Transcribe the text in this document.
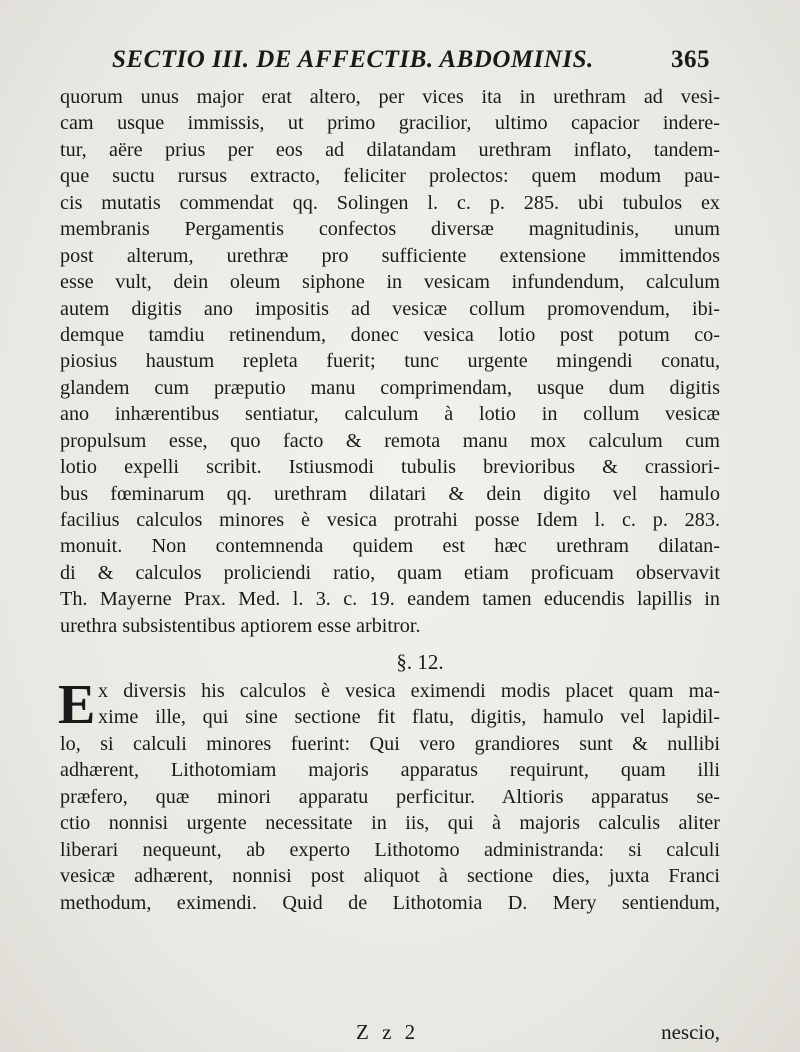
SECTIO III. DE AFFECTIB. ABDOMINIS.	365
quorum unus major erat altero, per vices ita in urethram ad vesi-
cam usque immissis, ut primo gracilior, ultimo capacior indere-
tur, aëre prius per eos ad dilatandam urethram inflato, tandem-
que suctu rursus extracto, feliciter prolectos: quem modum pau-
cis mutatis commendat qq. Solingen l. c. p. 285. ubi tubulos ex
membranis Pergamentis confectos diversæ magnitudinis, unum
post alterum, urethræ pro sufficiente extensione immittendos
esse vult, dein oleum siphone in vesicam infundendum, calculum
autem digitis ano impositis ad vesicæ collum promovendum, ibi-
demque tamdiu retinendum, donec vesica lotio post potum co-
piosius haustum repleta fuerit; tunc urgente mingendi conatu,
glandem cum præputio manu comprimendam, usque dum digitis
ano inhærentibus sentiatur, calculum à lotio in collum vesicæ
propulsum esse, quo facto & remota manu mox calculum cum
lotio expelli scribit. Istiusmodi tubulis brevioribus & crassiori-
bus fœminarum qq. urethram dilatari & dein digito vel hamulo
facilius calculos minores è vesica protrahi posse Idem l. c. p. 283.
monuit. Non contemnenda quidem est hæc urethram dilatan-
di & calculos proliciendi ratio, quam etiam proficuam observavit
Th. Mayerne Prax. Med. l. 3. c. 19. eandem tamen educendis lapillis in
urethra subsistentibus aptiorem esse arbitror.
§. 12.
E x diversis his calculos è vesica eximendi modis placet quam ma-
xime ille, qui sine sectione fit flatu, digitis, hamulo vel lapidil-
lo, si calculi minores fuerint: Qui vero grandiores sunt & nullibi
adhærent, Lithotomiam majoris apparatus requirunt, quam illi
præfero, quæ minori apparatu perficitur. Altioris apparatus se-
ctio nonnisi urgente necessitate in iis, qui à majoris calculis aliter
liberari nequeunt, ab experto Lithotomo administranda: si calculi
vesicæ adhærent, nonnisi post aliquot à sectione dies, juxta Franci
methodum, eximendi. Quid de Lithotomia D. Mery sentiendum,
Z z 2	nescio,
